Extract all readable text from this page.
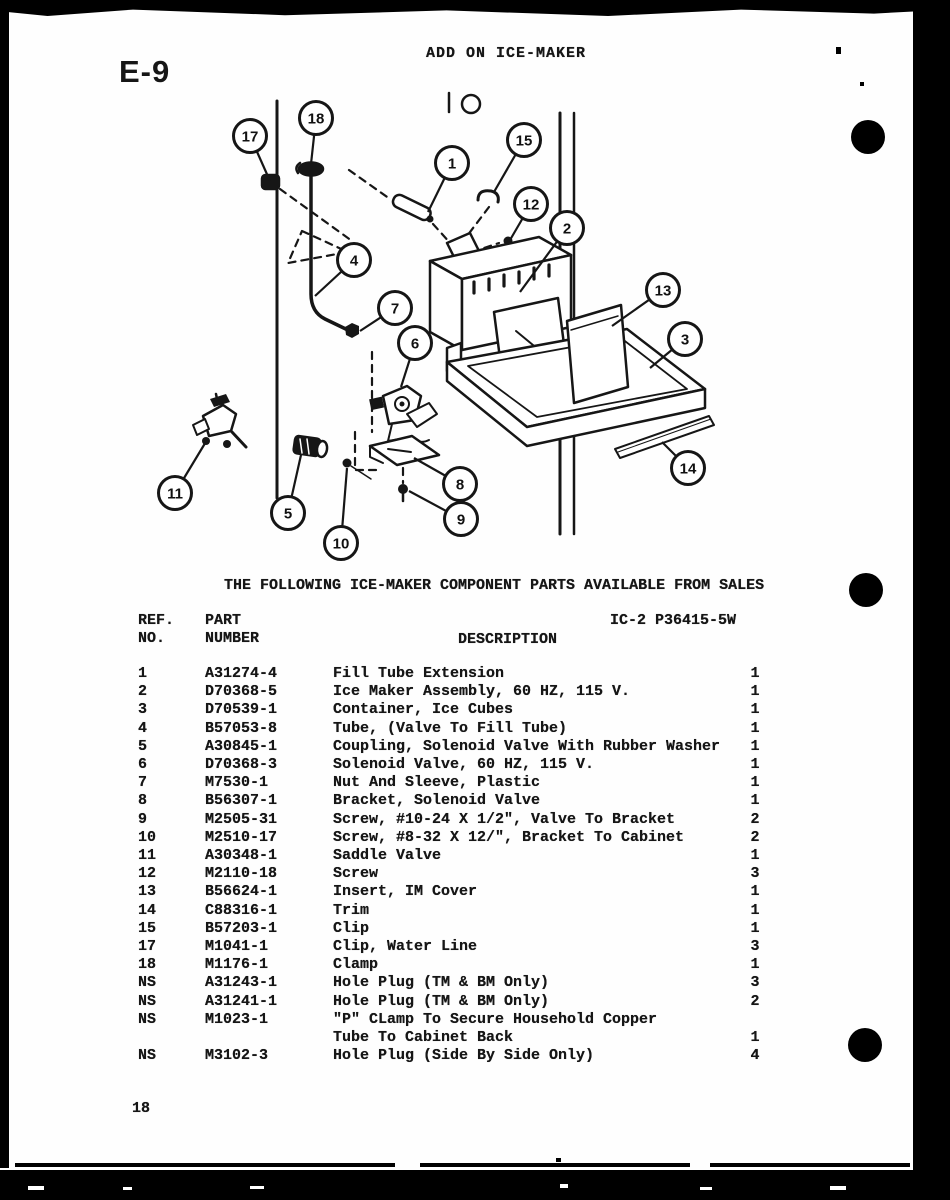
E-9
ADD ON ICE-MAKER
1
2
3
4
5
6
7
8
9
10
11
12
13
14
15
17
18
THE FOLLOWING ICE-MAKER COMPONENT PARTS AVAILABLE FROM SALES
REF.
NO.
PART
NUMBER	DESCRIPTION
IC-2 P36415-5W
1	A31274-4	Fill Tube Extension	1
2	D70368-5	Ice Maker Assembly, 60 HZ, 115 V.	1
3	D70539-1	Container, Ice Cubes	1
4	B57053-8	Tube, (Valve To Fill Tube)	1
5	A30845-1	Coupling, Solenoid Valve With Rubber Washer 1
6	D70368-3	Solenoid Valve, 60 HZ, 115 V.	1
7	M7530-1	Nut And Sleeve, Plastic	1
8	B56307-1	Bracket, Solenoid Valve	1
9	M2505-31	Screw, #10-24 X 1/2", Valve To Bracket	2
10	M2510-17	Screw, #8-32 X 12/", Bracket To Cabinet	2
11	A30348-1	Saddle Valve	1
12	M2110-18	Screw	3
13	B56624-1	Insert, IM Cover	1
14	C88316-1	Trim	1
15	B57203-1	Clip	1
17	M1041-1	Clip, Water Line	3
18	M1176-1	Clamp	1
NS	A31243-1	Hole Plug (TM & BM Only)	3
NS	A31241-1	Hole Plug (TM & BM Only)	2
NS	M1023-1	"P" CLamp To Secure Household Copper
Tube To Cabinet Back	1
NS	M3102-3	Hole Plug (Side By Side Only)	4
18
